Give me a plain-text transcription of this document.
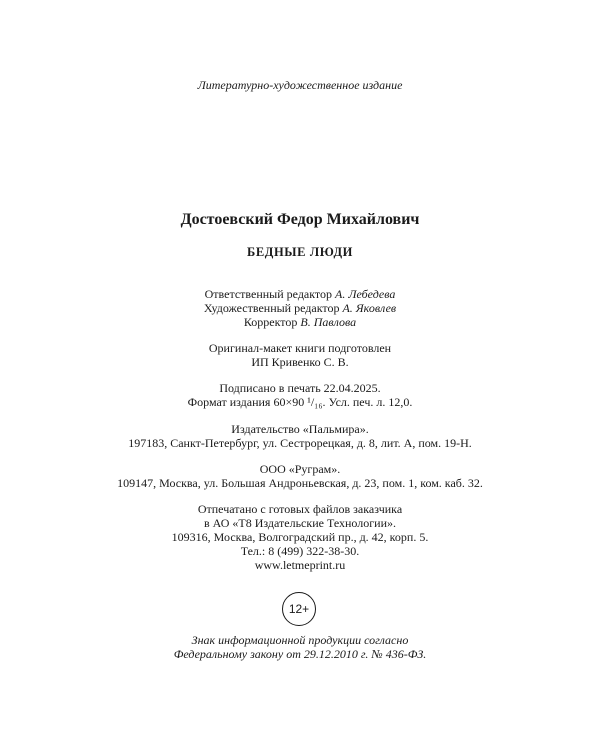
Литературно-художественное издание
Достоевский Федор Михайлович
БЕДНЫЕ ЛЮДИ
Ответственный редактор А. Лебедева
Художественный редактор А. Яковлев
Корректор В. Павлова
Оригинал-макет книги подготовлен
ИП Кривенко С. В.
Подписано в печать 22.04.2025.
Формат издания 60×90 ¹/₁₆. Усл. печ. л. 12,0.
Издательство «Пальмира».
197183, Санкт-Петербург, ул. Сестрорецкая, д. 8, лит. А, пом. 19-Н.
ООО «Руграм».
109147, Москва, ул. Большая Андроньевская, д. 23, пом. 1, ком. каб. 32.
Отпечатано с готовых файлов заказчика
в АО «Т8 Издательские Технологии».
109316, Москва, Волгоградский пр., д. 42, корп. 5.
Тел.: 8 (499) 322-38-30.
www.letmeprint.ru
12+
Знак информационной продукции согласно
Федеральному закону от 29.12.2010 г. № 436-ФЗ.
